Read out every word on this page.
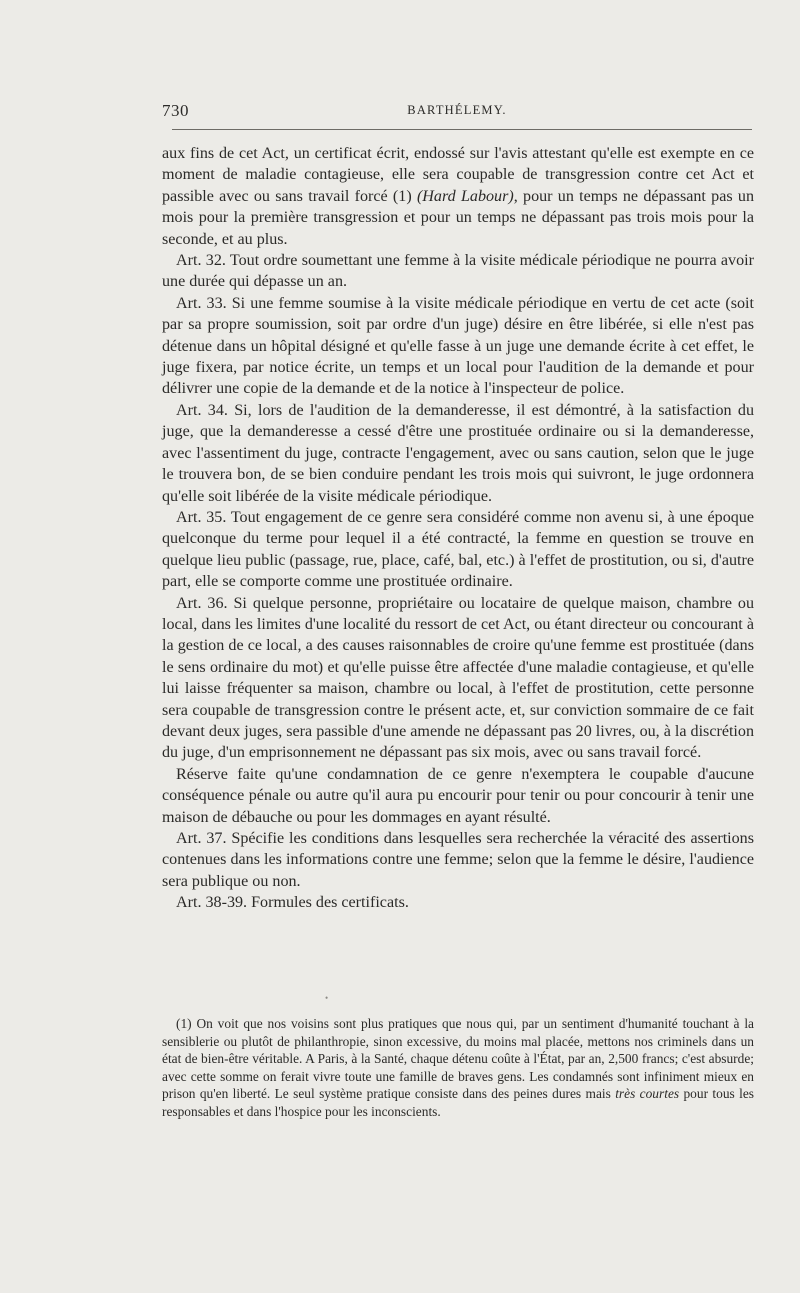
730	BARTHÉLEMY.

aux fins de cet Act, un certificat écrit, endossé sur l'avis attestant qu'elle est exempte en ce moment de maladie contagieuse, elle sera coupable de transgression contre cet Act et passible avec ou sans travail forcé (1) (Hard Labour), pour un temps ne dépassant pas un mois pour la première transgression et pour un temps ne dépassant pas trois mois pour la seconde, et au plus.

Art. 32. Tout ordre soumettant une femme à la visite médicale périodique ne pourra avoir une durée qui dépasse un an.

Art. 33. Si une femme soumise à la visite médicale périodique en vertu de cet acte (soit par sa propre soumission, soit par ordre d'un juge) désire en être libérée, si elle n'est pas détenue dans un hôpital désigné et qu'elle fasse à un juge une demande écrite à cet effet, le juge fixera, par notice écrite, un temps et un local pour l'audition de la demande et pour délivrer une copie de la demande et de la notice à l'inspecteur de police.

Art. 34. Si, lors de l'audition de la demanderesse, il est démontré, à la satisfaction du juge, que la demanderesse a cessé d'être une prostituée ordinaire ou si la demanderesse, avec l'assentiment du juge, contracte l'engagement, avec ou sans caution, selon que le juge le trouvera bon, de se bien conduire pendant les trois mois qui suivront, le juge ordonnera qu'elle soit libérée de la visite médicale périodique.

Art. 35. Tout engagement de ce genre sera considéré comme non avenu si, à une époque quelconque du terme pour lequel il a été contracté, la femme en question se trouve en quelque lieu public (passage, rue, place, café, bal, etc.) à l'effet de prostitution, ou si, d'autre part, elle se comporte comme une prostituée ordinaire.

Art. 36. Si quelque personne, propriétaire ou locataire de quelque maison, chambre ou local, dans les limites d'une localité du ressort de cet Act, ou étant directeur ou concourant à la gestion de ce local, a des causes raisonnables de croire qu'une femme est prostituée (dans le sens ordinaire du mot) et qu'elle puisse être affectée d'une maladie contagieuse, et qu'elle lui laisse fréquenter sa maison, chambre ou local, à l'effet de prostitution, cette personne sera coupable de transgression contre le présent acte, et, sur conviction sommaire de ce fait devant deux juges, sera passible d'une amende ne dépassant pas 20 livres, ou, à la discrétion du juge, d'un emprisonnement ne dépassant pas six mois, avec ou sans travail forcé.

Réserve faite qu'une condamnation de ce genre n'exemptera le coupable d'aucune conséquence pénale ou autre qu'il aura pu encourir pour tenir ou pour concourir à tenir une maison de débauche ou pour les dommages en ayant résulté.

Art. 37. Spécifie les conditions dans lesquelles sera recherchée la véracité des assertions contenues dans les informations contre une femme; selon que la femme le désire, l'audience sera publique ou non.

Art. 38-39. Formules des certificats.

•

(1) On voit que nos voisins sont plus pratiques que nous qui, par un sentiment d'humanité touchant à la sensiblerie ou plutôt de philanthropie, sinon excessive, du moins mal placée, mettons nos criminels dans un état de bien-être véritable. A Paris, à la Santé, chaque détenu coûte à l'État, par an, 2,500 francs; c'est absurde; avec cette somme on ferait vivre toute une famille de braves gens. Les condamnés sont infiniment mieux en prison qu'en liberté. Le seul système pratique consiste dans des peines dures mais très courtes pour tous les responsables et dans l'hospice pour les inconscients.
